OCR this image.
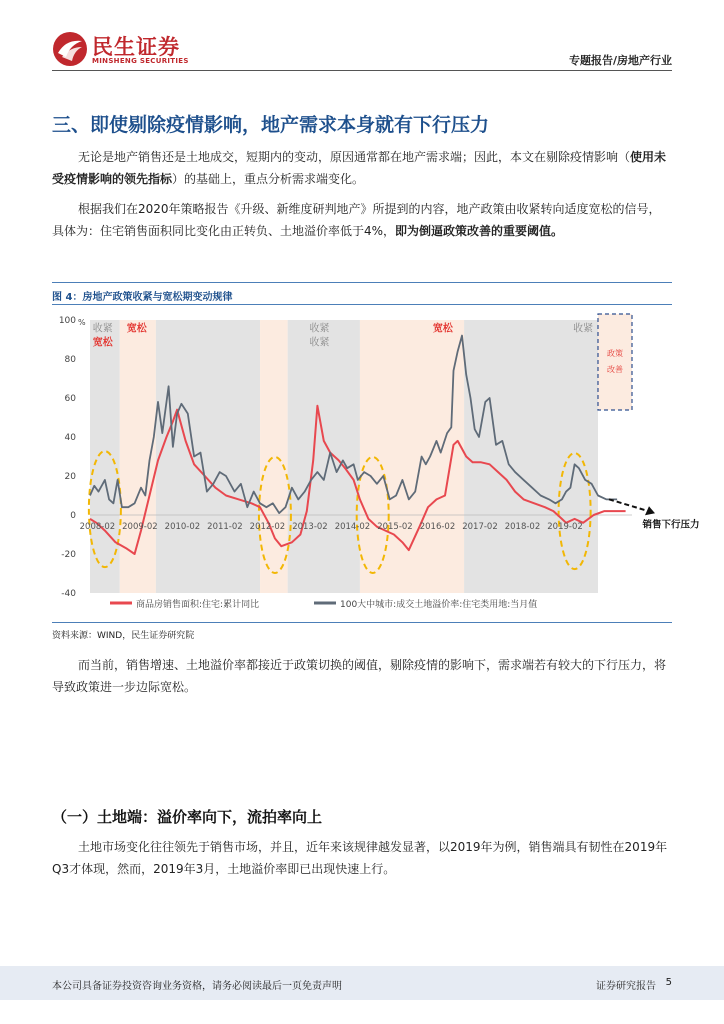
民生证券
MINSHENG SECURITIES	专题报告/房地产行业
三、即使剔除疫情影响，地产需求本身就有下行压力

无论是地产销售还是土地成交，短期内的变动，原因通常都在地产需求端；因此，本文在剔除疫情影响（使用未受疫情影响的领先指标）的基础上，重点分析需求端变化。

根据我们在2020年策略报告《升级、新维度研判地产》所提到的内容，地产政策由收紧转向适度宽松的信号，具体为：住宅销售面积同比变化由正转负、土地溢价率低于4%，即为倒逼政策改善的重要阈值。

图 4：房地产政策收紧与宽松期变动规律
政策
改善
100
80
60
40
20
0
-20
-40
%
2008-02 2009-02 2010-02 2011-02 2012-02 2013-02 2014-02 2015-02 2016-02 2017-02 2018-02 2019-02
收紧
宽松
宽松	收紧
收紧
宽松	收紧
销售下行压力
商品房销售面积:住宅:累计同比	100大中城市:成交土地溢价率:住宅类用地:当月值
资料来源：WIND，民生证券研究院

而当前，销售增速、土地溢价率都接近于政策切换的阈值，剔除疫情的影响下，需求端若有较大的下行压力，将导致政策进一步边际宽松。

（一）土地端：溢价率向下，流拍率向上

土地市场变化往往领先于销售市场，并且，近年来该规律越发显著，以2019年为例，销售端具有韧性在2019年Q3才体现，然而，2019年3月，土地溢价率即已出现快速上行。

本公司具备证券投资咨询业务资格，请务必阅读最后一页免责声明	证券研究报告 5
